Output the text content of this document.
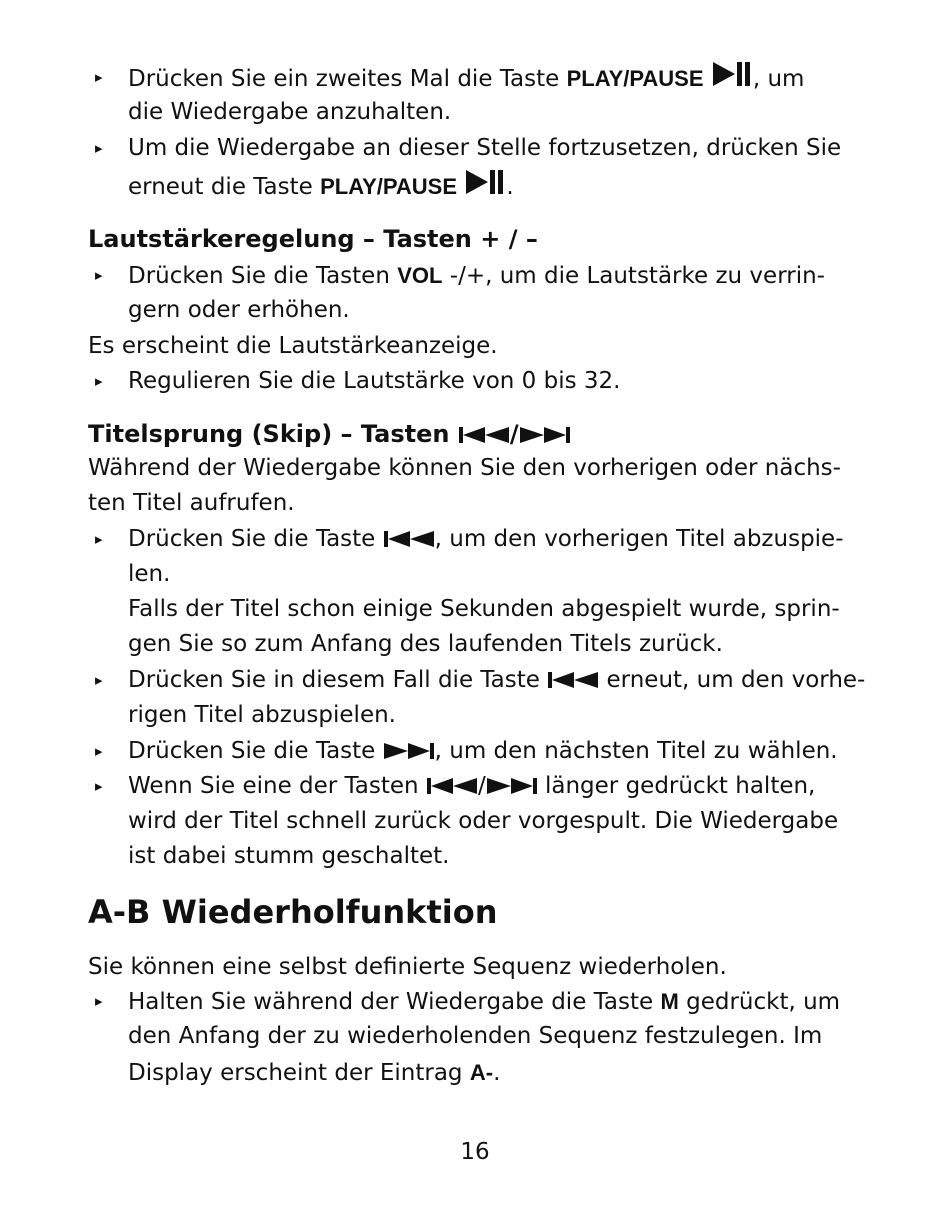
▸ Drücken Sie ein zweites Mal die Taste PLAY/PAUSE , um
die Wiedergabe anzuhalten.
▸ Um die Wiedergabe an dieser Stelle fortzusetzen, drücken Sie
erneut die Taste PLAY/PAUSE .
Lautstärkeregelung – Tasten + / –
▸ Drücken Sie die Tasten VOL -/+, um die Lautstärke zu verrin-
gern oder erhöhen.
Es erscheint die Lautstärkeanzeige.
▸ Regulieren Sie die Lautstärke von 0 bis 32.
Titelsprung (Skip) – Tasten	/
Während der Wiedergabe können Sie den vorherigen oder nächs-
ten Titel aufrufen.
▸ Drücken Sie die Taste
, um den vorherigen Titel abzuspie-
len.
Falls der Titel schon einige Sekunden abgespielt wurde, sprin-
gen Sie so zum Anfang des laufenden Titels zurück.
▸ Drücken Sie in diesem Fall die Taste
erneut, um den vorhe-
rigen Titel abzuspielen.
▸ Drücken Sie die Taste
, um den nächsten Titel zu wählen.
▸ Wenn Sie eine der Tasten
/
länger gedrückt halten,
wird der Titel schnell zurück oder vorgespult. Die Wiedergabe
ist dabei stumm geschaltet.
A-B Wiederholfunktion
Sie können eine selbst definierte Sequenz wiederholen.
▸ Halten Sie während der Wiedergabe die Taste M gedrückt, um
den Anfang der zu wiederholenden Sequenz festzulegen. Im
Display erscheint der Eintrag A-.
16
